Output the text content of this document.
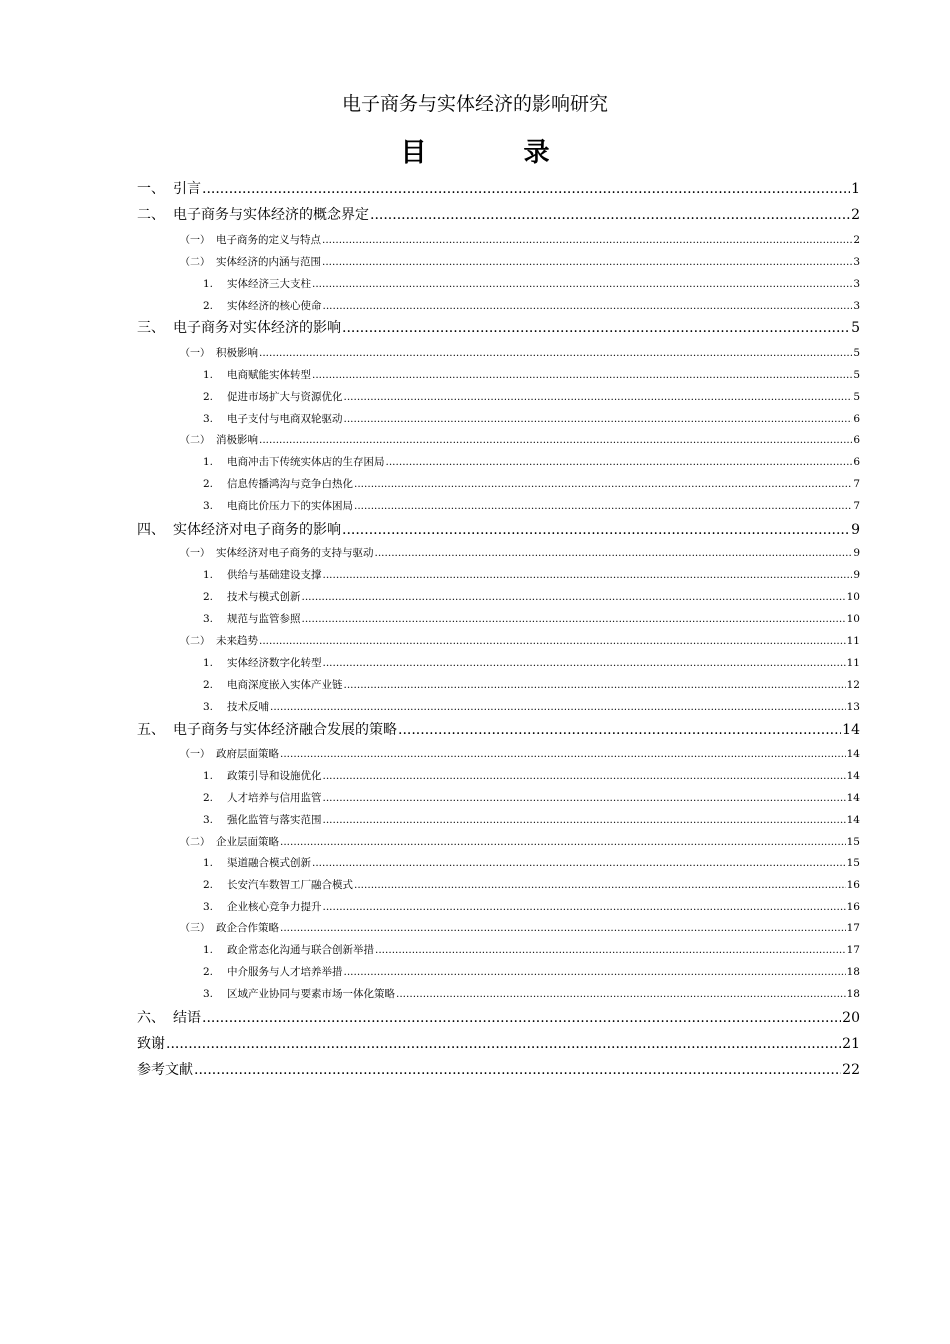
电子商务与实体经济的影响研究
目 录
一、 引言 .....	1
二、 电子商务与实体经济的概念界定 .....	2
（一） 电子商务的定义与特点 .....	2
（二） 实体经济的内涵与范围 .....	3
1.	实体经济三大支柱 .....	3
2.	实体经济的核心使命 .....	3
三、 电子商务对实体经济的影响 .....	5
（一） 积极影响 .....	5
1.	电商赋能实体转型 .....	5
2.	促进市场扩大与资源优化 .....	5
3.	电子支付与电商双轮驱动 .....	6
（二） 消极影响 .....	6
1.	电商冲击下传统实体店的生存困局 .....	6
2.	信息传播鸿沟与竞争白热化 .....	7
3.	电商比价压力下的实体困局 .....	7
四、 实体经济对电子商务的影响 .....	9
（一） 实体经济对电子商务的支持与驱动 .....	9
1.	供给与基础建设支撑 .....	9
2.	技术与模式创新 .....	10
3.	规范与监管参照 .....	10
（二） 未来趋势 .....	11
1.	实体经济数字化转型 .....	11
2.	电商深度嵌入实体产业链 .....	12
3.	技术反哺 .....	13
五、 电子商务与实体经济融合发展的策略 .....	14
（一） 政府层面策略 .....	14
1.	政策引导和设施优化 .....	14
2.	人才培养与信用监管 .....	14
3.	强化监管与落实范围 .....	14
（二） 企业层面策略 .....	15
1.	渠道融合模式创新 .....	15
2.	长安汽车数智工厂融合模式 .....	16
3.	企业核心竞争力提升 .....	16
（三） 政企合作策略 .....	17
1.	政企常态化沟通与联合创新举措 .....	17
2.	中介服务与人才培养举措 .....	18
3.	区域产业协同与要素市场一体化策略 .....	18
六、 结语 .....	20
致谢 .....	21
参考文献 .....	22
